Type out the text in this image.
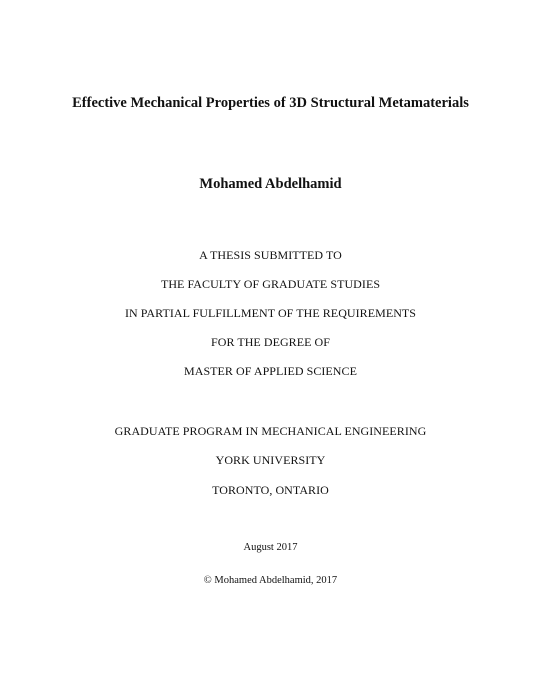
Effective Mechanical Properties of 3D Structural Metamaterials
Mohamed Abdelhamid
A THESIS SUBMITTED TO
THE FACULTY OF GRADUATE STUDIES
IN PARTIAL FULFILLMENT OF THE REQUIREMENTS
FOR THE DEGREE OF
MASTER OF APPLIED SCIENCE
GRADUATE PROGRAM IN MECHANICAL ENGINEERING
YORK UNIVERSITY
TORONTO, ONTARIO
August 2017
© Mohamed Abdelhamid, 2017
